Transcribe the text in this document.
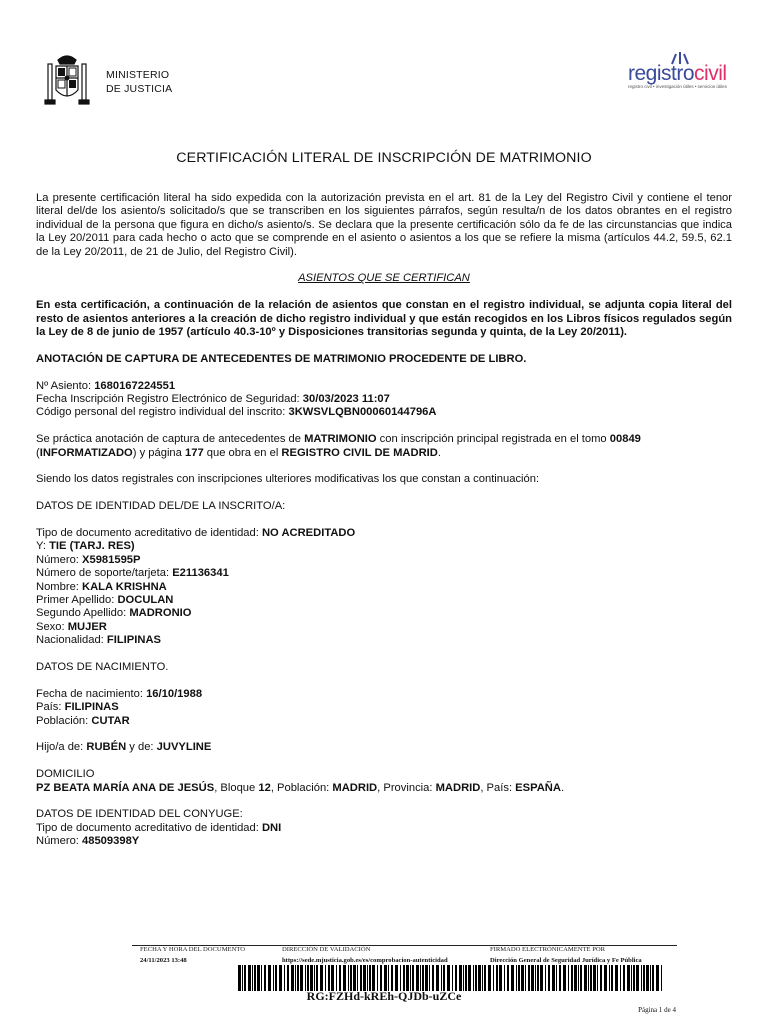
MINISTERIO
DE JUSTICIA
registrocivil
registro civil • investigación útiles • servicios útiles
CERTIFICACIÓN LITERAL DE INSCRIPCIÓN DE MATRIMONIO

La presente certificación literal ha sido expedida con la autorización prevista en el art. 81 de la Ley del Registro Civil y contiene el tenor literal del/de los asiento/s solicitado/s que se transcriben en los siguientes párrafos, según resulta/n de los datos obrantes en el registro individual de la persona que figura en dicho/s asiento/s. Se declara que la presente certificación sólo da fe de las circunstancias que indica la Ley 20/2011 para cada hecho o acto que se comprende en el asiento o asientos a los que se refiere la misma (artículos 44.2, 59.5, 62.1 de la Ley 20/2011, de 21 de Julio, del Registro Civil).

ASIENTOS QUE SE CERTIFICAN

En esta certificación, a continuación de la relación de asientos que constan en el registro individual, se adjunta copia literal del resto de asientos anteriores a la creación de dicho registro individual y que están recogidos en los Libros físicos regulados según la Ley de 8 de junio de 1957 (artículo 40.3-10º y Disposiciones transitorias segunda y quinta, de la Ley 20/2011).

ANOTACIÓN DE CAPTURA DE ANTECEDENTES DE MATRIMONIO PROCEDENTE DE LIBRO.

Nº Asiento: 1680167224551

Fecha Inscripción Registro Electrónico de Seguridad: 30/03/2023 11:07

Código personal del registro individual del inscrito: 3KWSVLQBN00060144796A

Se práctica anotación de captura de antecedentes de MATRIMONIO con inscripción principal registrada en el tomo 00849

(INFORMATIZADO) y página 177 que obra en el REGISTRO CIVIL DE MADRID.

Siendo los datos registrales con inscripciones ulteriores modificativas los que constan a continuación:

DATOS DE IDENTIDAD DEL/DE LA INSCRITO/A:

Tipo de documento acreditativo de identidad: NO ACREDITADO

Y: TIE (TARJ. RES)

Número: X5981595P

Número de soporte/tarjeta: E21136341

Nombre: KALA KRISHNA

Primer Apellido: DOCULAN

Segundo Apellido: MADRONIO

Sexo: MUJER

Nacionalidad: FILIPINAS

DATOS DE NACIMIENTO.

Fecha de nacimiento: 16/10/1988

País: FILIPINAS

Población: CUTAR

Hijo/a de: RUBÉN y de: JUVYLINE

DOMICILIO

PZ BEATA MARÍA ANA DE JESÚS, Bloque 12, Población: MADRID, Provincia: MADRID, País: ESPAÑA.

DATOS DE IDENTIDAD DEL CONYUGE:

Tipo de documento acreditativo de identidad: DNI

Número: 48509398Y

FECHA Y HORA DEL DOCUMENTO
24/11/2023 13:48
DIRECCIÓN DE VALIDACIÓN
https://sede.mjusticia.gob.es/es/comprobacion-autenticidad
FIRMADO ELECTRÓNICAMENTE POR
Dirección General de Seguridad Jurídica y Fe Pública
RG:FZHd-kREh-QJDb-uZCe
Página 1 de 4
